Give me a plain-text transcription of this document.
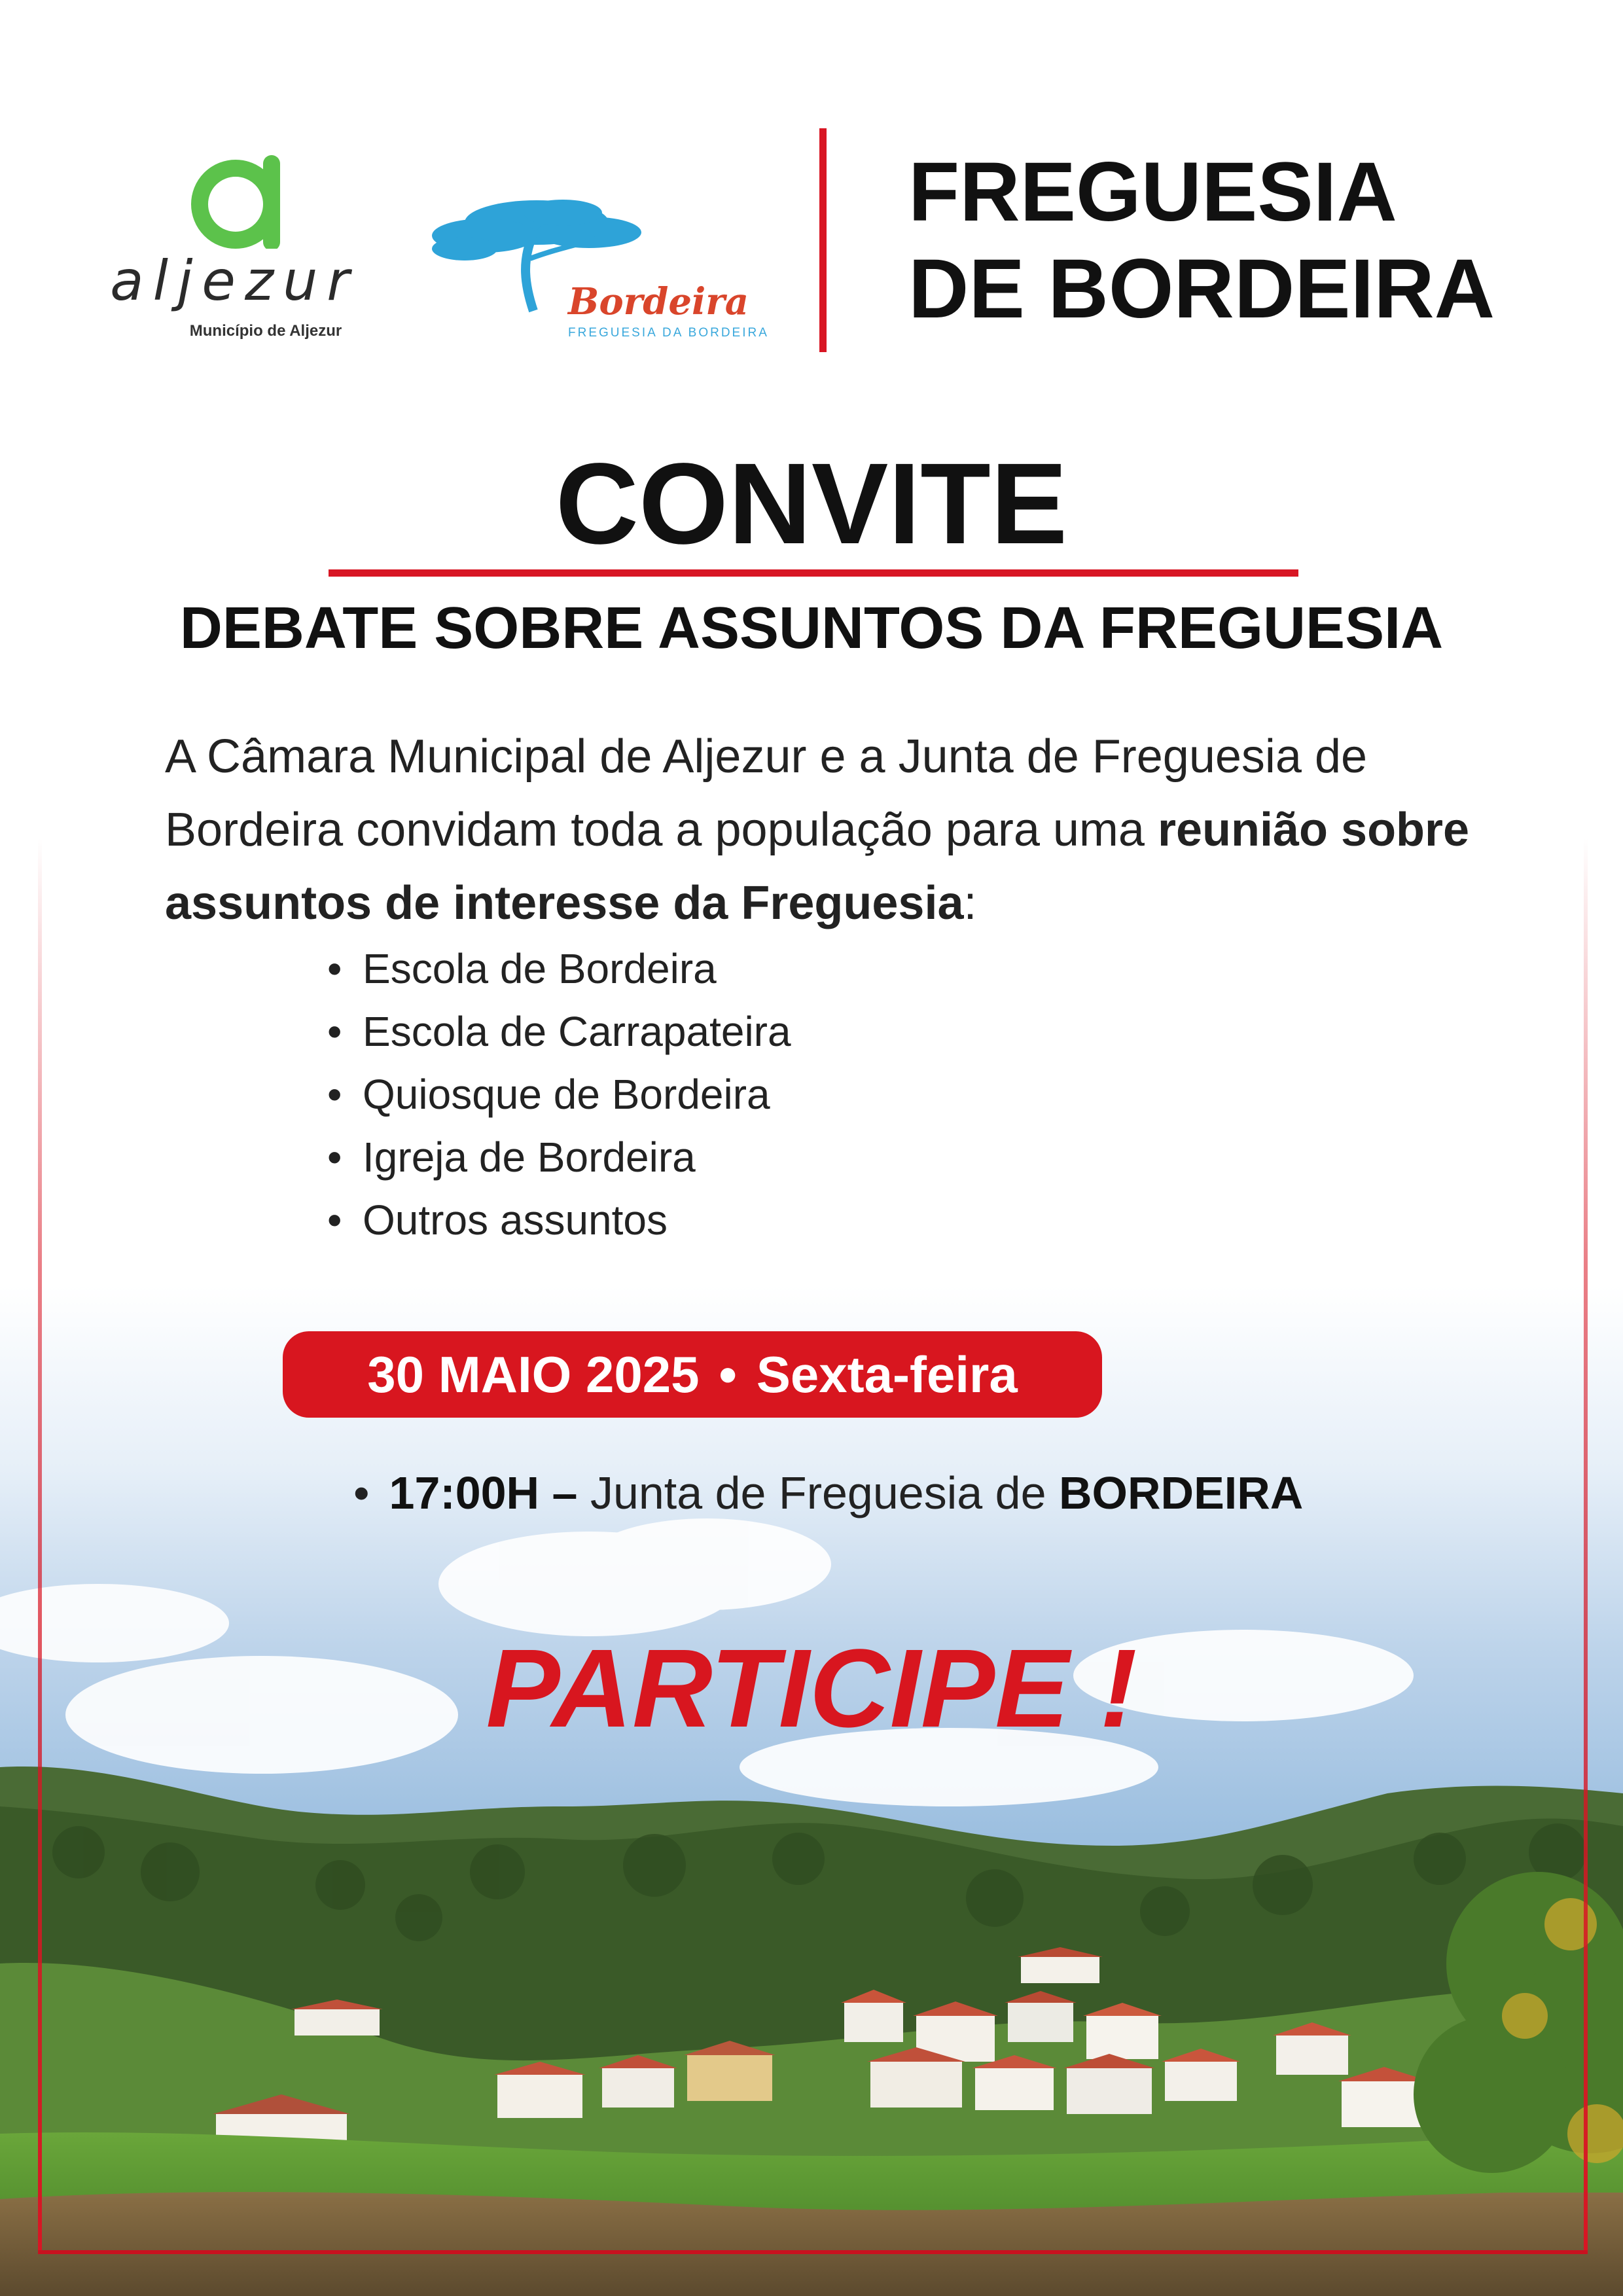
aljezur
Município de Aljezur
Bordeira
FREGUESIA DA BORDEIRA
FREGUESIA
DE BORDEIRA
CONVITE
DEBATE SOBRE ASSUNTOS DA FREGUESIA

A Câmara Municipal de Aljezur e a Junta de Freguesia de Bordeira convidam toda a população para uma reunião sobre assuntos de interesse da Freguesia:

• Escola de Bordeira
• Escola de Carrapateira
• Quiosque de Bordeira
• Igreja de Bordeira
• Outros assuntos
30 MAIO 2025 • Sexta-feira
• 17:00H – Junta de Freguesia de BORDEIRA
PARTICIPE !
